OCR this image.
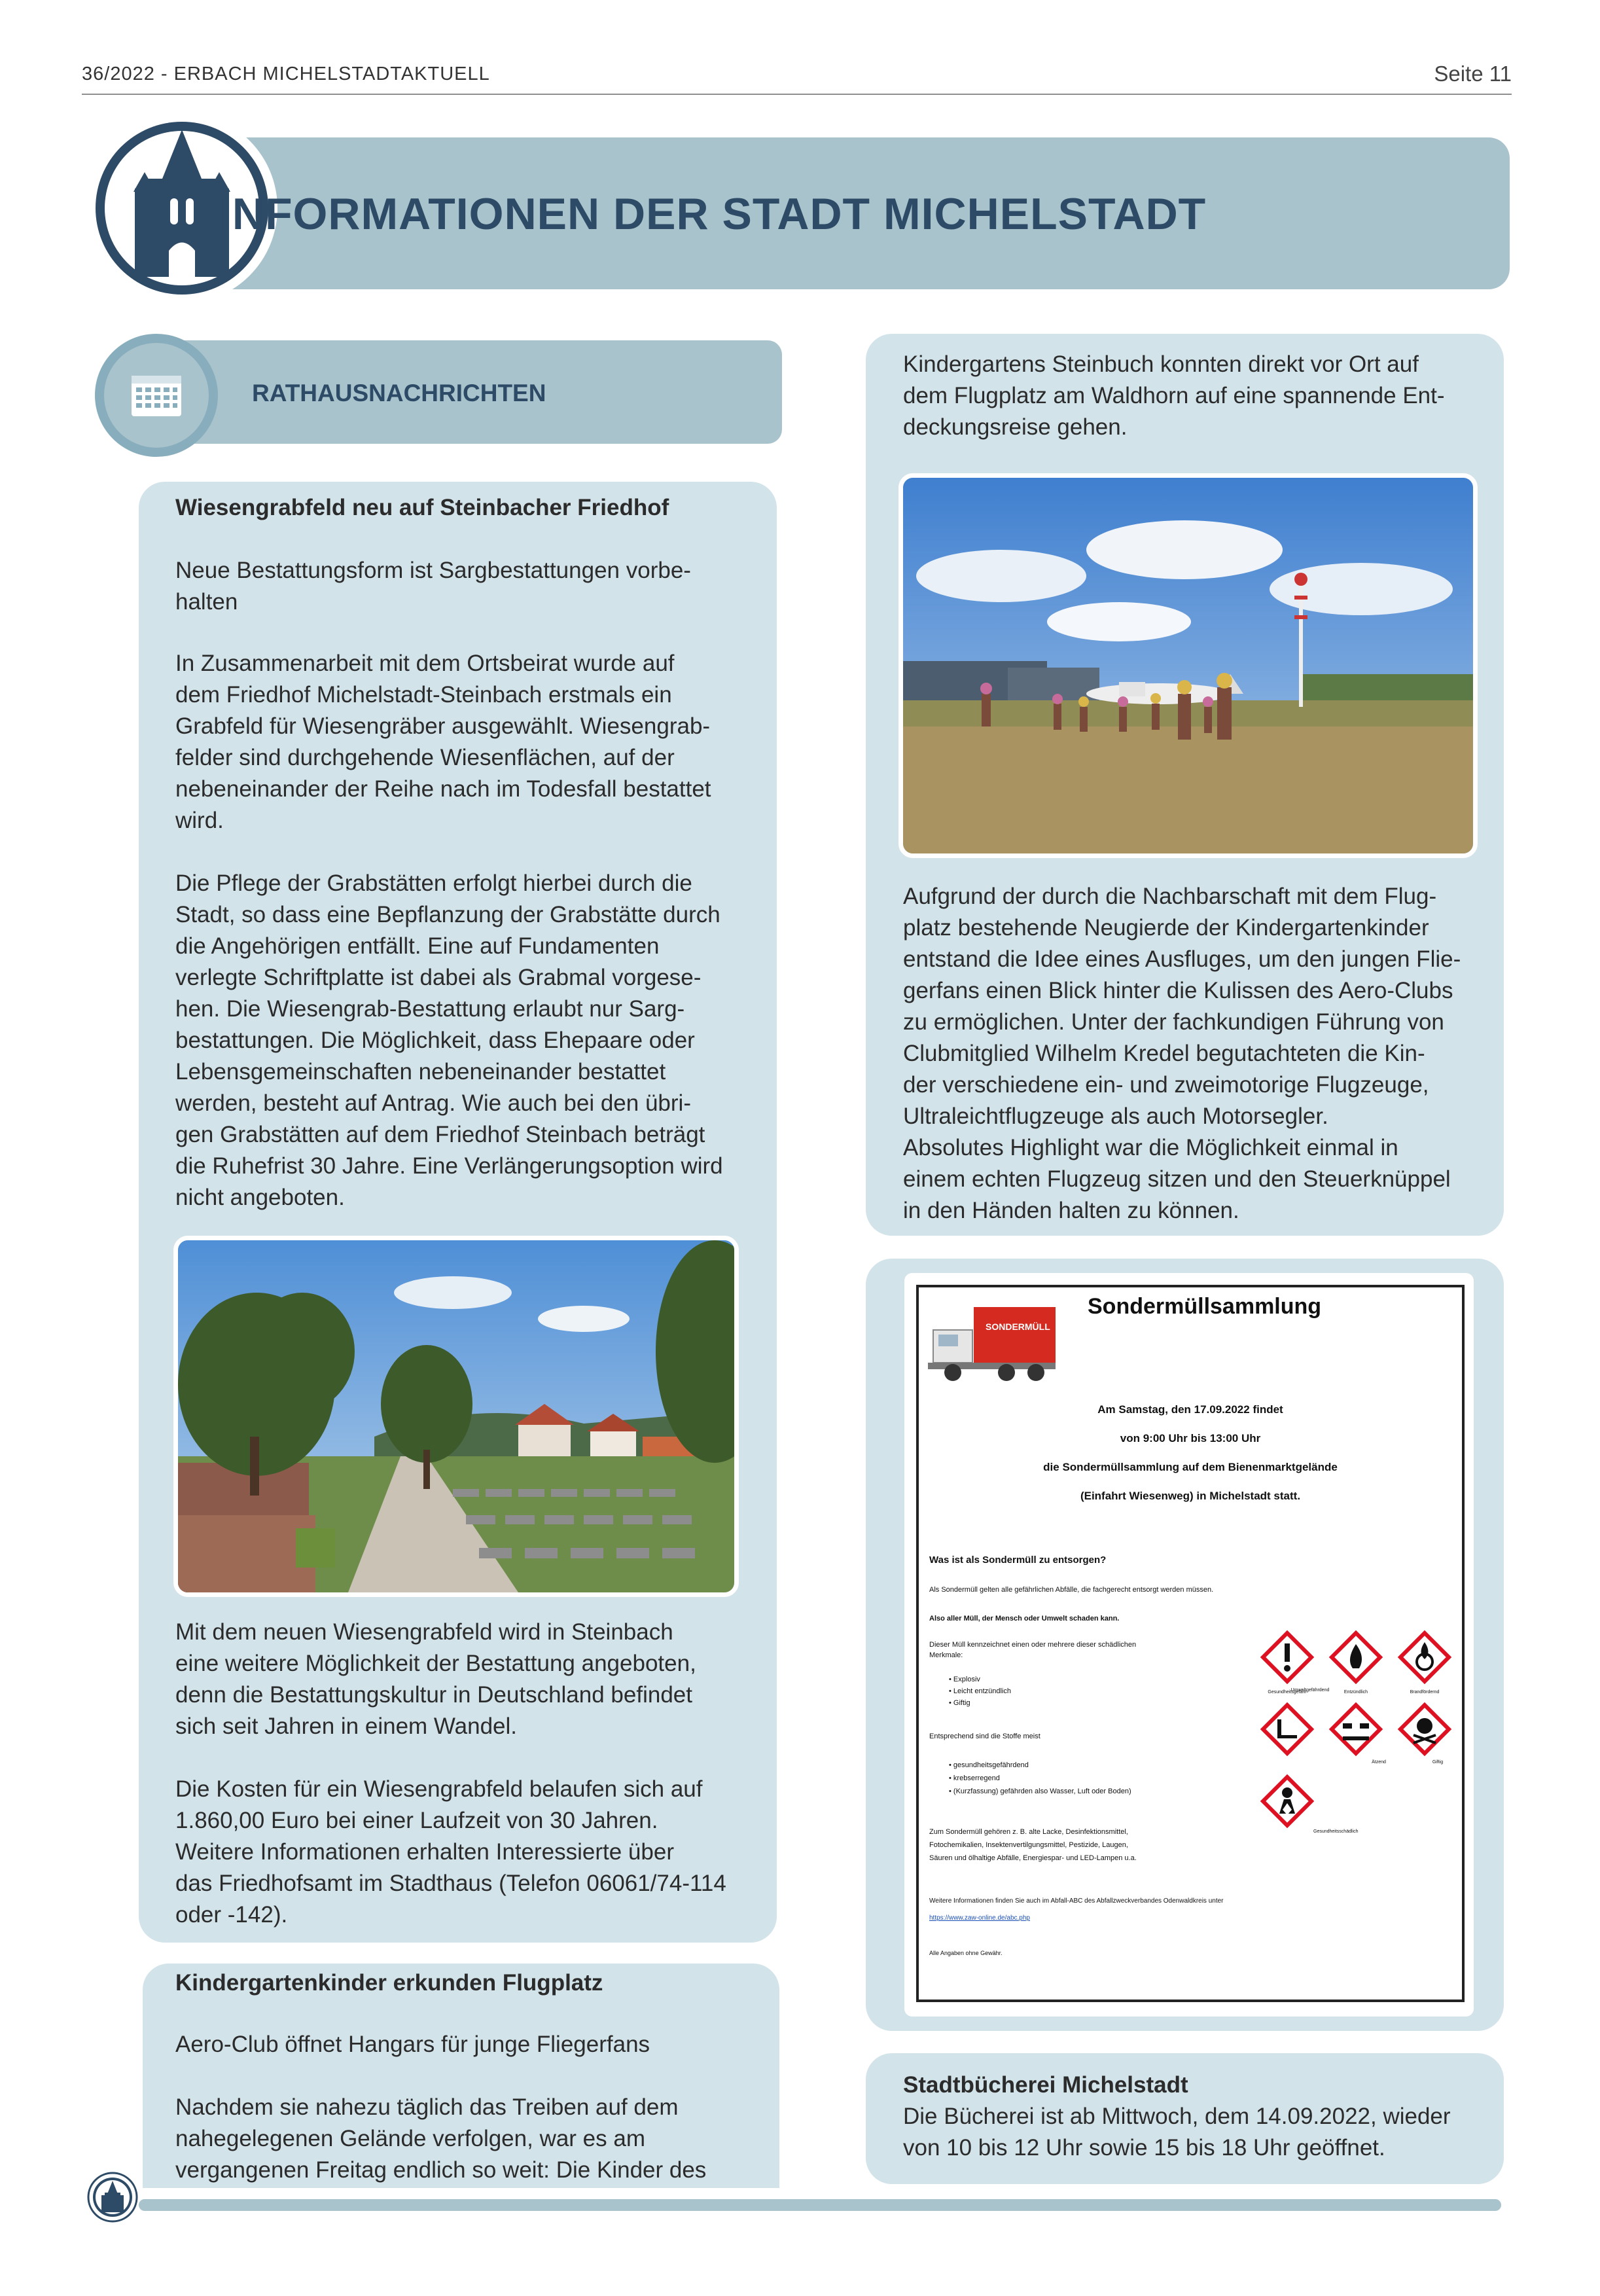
36/2022 - ERBACH MICHELSTADTAKTUELL	Seite 11
INFORMATIONEN DER STADT MICHELSTADT
RATHAUSNACHRICHTEN
Wiesengrabfeld neu auf Steinbacher Friedhof
Neue Bestattungsform ist Sargbestattungen vorbe-
halten
In Zusammenarbeit mit dem Ortsbeirat wurde auf
dem Friedhof Michelstadt-Steinbach erstmals ein
Grabfeld für Wiesengräber ausgewählt. Wiesengrab-
felder sind durchgehende Wiesenflächen, auf der
nebeneinander der Reihe nach im Todesfall bestattet
wird.
Die Pflege der Grabstätten erfolgt hierbei durch die
Stadt, so dass eine Bepflanzung der Grabstätte durch
die Angehörigen entfällt. Eine auf Fundamenten
verlegte Schriftplatte ist dabei als Grabmal vorgese-
hen. Die Wiesengrab-Bestattung erlaubt nur Sarg-
bestattungen. Die Möglichkeit, dass Ehepaare oder
Lebensgemeinschaften nebeneinander bestattet
werden, besteht auf Antrag. Wie auch bei den übri-
gen Grabstätten auf dem Friedhof Steinbach beträgt
die Ruhefrist 30 Jahre. Eine Verlängerungsoption wird
nicht angeboten.
Mit dem neuen Wiesengrabfeld wird in Steinbach
eine weitere Möglichkeit der Bestattung angeboten,
denn die Bestattungskultur in Deutschland befindet
sich seit Jahren in einem Wandel.
Die Kosten für ein Wiesengrabfeld belaufen sich auf
1.860,00 Euro bei einer Laufzeit von 30 Jahren.
Weitere Informationen erhalten Interessierte über
das Friedhofsamt im Stadthaus (Telefon 06061/74-114
oder -142).
Kindergartenkinder erkunden Flugplatz
Aero-Club öffnet Hangars für junge Fliegerfans
Nachdem sie nahezu täglich das Treiben auf dem
nahegelegenen Gelände verfolgen, war es am
vergangenen Freitag endlich so weit: Die Kinder des
Kindergartens Steinbuch konnten direkt vor Ort auf
dem Flugplatz am Waldhorn auf eine spannende Ent-
deckungsreise gehen.
Aufgrund der durch die Nachbarschaft mit dem Flug-
platz bestehende Neugierde der Kindergartenkinder
entstand die Idee eines Ausfluges, um den jungen Flie-
gerfans einen Blick hinter die Kulissen des Aero-Clubs
zu ermöglichen. Unter der fachkundigen Führung von
Clubmitglied Wilhelm Kredel begutachteten die Kin-
der verschiedene ein- und zweimotorige Flugzeuge,
Ultraleichtflugzeuge als auch Motorsegler.
Absolutes Highlight war die Möglichkeit einmal in
einem echten Flugzeug sitzen und den Steuerknüppel
in den Händen halten zu können.
SONDERMÜLL
Sondermüllsammlung
Am Samstag, den 17.09.2022 findet
von 9:00 Uhr bis 13:00 Uhr
die Sondermüllsammlung auf dem Bienenmarktgelände
(Einfahrt Wiesenweg) in Michelstadt statt.
Was ist als Sondermüll zu entsorgen?
Als Sondermüll gelten alle gefährlichen Abfälle, die fachgerecht entsorgt werden müssen.
Also aller Müll, der Mensch oder Umwelt schaden kann.
Dieser Müll kennzeichnet einen oder mehrere dieser schädlichen
Merkmale:
• Explosiv
• Leicht entzündlich
• Giftig
Entsprechend sind die Stoffe meist
• gesundheitsgefährdend
• krebserregend
• (Kurzfassung) gefährden also Wasser, Luft oder Boden)
Zum Sondermüll gehören z. B. alte Lacke, Desinfektionsmittel,
Fotochemikalien, Insektenvertilgungsmittel, Pestizide, Laugen,
Säuren und ölhaltige Abfälle, Energiespar- und LED-Lampen u.a.
Gesundheitsgefahr	Entzündlich	Brandfördernd
Umweltgefährdend
Ätzend	Giftig
Gesundheitsschädlich
Weitere Informationen finden Sie auch im Abfall-ABC des Abfallzweckverbandes Odenwaldkreis unter
https://www.zaw-online.de/abc.php
Alle Angaben ohne Gewähr.
Stadtbücherei Michelstadt
Die Bücherei ist ab Mittwoch, dem 14.09.2022, wieder
von 10 bis 12 Uhr sowie 15 bis 18 Uhr geöffnet.
